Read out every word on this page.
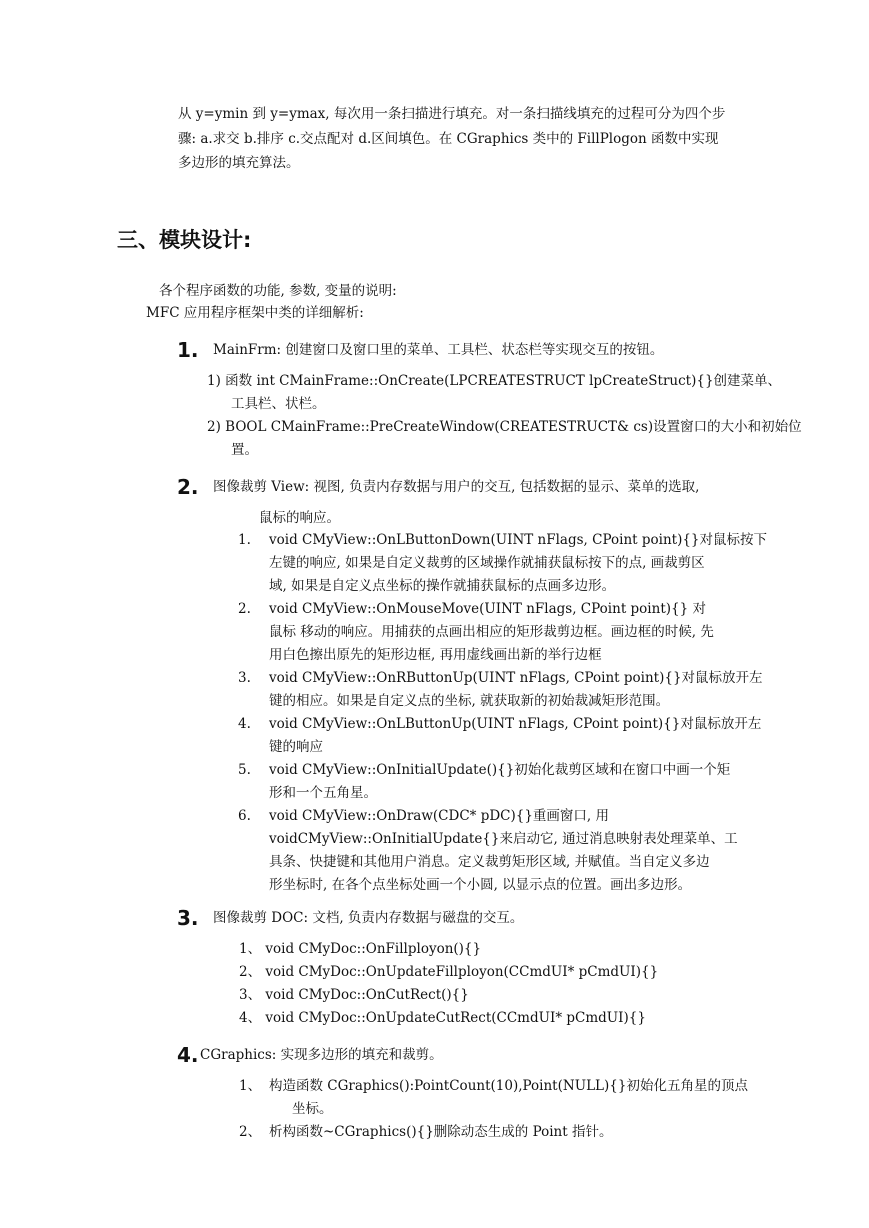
从 y=ymin 到 y=ymax, 每次用一条扫描进行填充。对一条扫描线填充的过程可分为四个步
骤: a.求交 b.排序 c.交点配对 d.区间填色。在 CGraphics 类中的 FillPlogon 函数中实现
多边形的填充算法。
三、模块设计:
各个程序函数的功能, 参数, 变量的说明:
MFC 应用程序框架中类的详细解析:
1. MainFrm: 创建窗口及窗口里的菜单、工具栏、状态栏等实现交互的按钮。
1) 函数 int CMainFrame::OnCreate(LPCREATESTRUCT lpCreateStruct){}创建菜单、
工具栏、状栏。
2) BOOL CMainFrame::PreCreateWindow(CREATESTRUCT& cs)设置窗口的大小和初始位
置。
2. 图像裁剪 View: 视图, 负责内存数据与用户的交互, 包括数据的显示、菜单的选取,
鼠标的响应。
1. void CMyView::OnLButtonDown(UINT nFlags, CPoint point){}对鼠标按下
左键的响应, 如果是自定义裁剪的区域操作就捕获鼠标按下的点, 画裁剪区
域, 如果是自定义点坐标的操作就捕获鼠标的点画多边形。
2. void CMyView::OnMouseMove(UINT nFlags, CPoint point){} 对
鼠标 移动的响应。用捕获的点画出相应的矩形裁剪边框。画边框的时候, 先
用白色擦出原先的矩形边框, 再用虚线画出新的举行边框
3. void CMyView::OnRButtonUp(UINT nFlags, CPoint point){}对鼠标放开左
键的相应。如果是自定义点的坐标, 就获取新的初始裁减矩形范围。
4. void CMyView::OnLButtonUp(UINT nFlags, CPoint point){}对鼠标放开左
键的响应
5. void CMyView::OnInitialUpdate(){}初始化裁剪区域和在窗口中画一个矩
形和一个五角星。
6. void CMyView::OnDraw(CDC* pDC){}重画窗口, 用
voidCMyView::OnInitialUpdate{}来启动它, 通过消息映射表处理菜单、工
具条、快捷键和其他用户消息。定义裁剪矩形区域, 并赋值。当自定义多边
形坐标时, 在各个点坐标处画一个小圆, 以显示点的位置。画出多边形。
3. 图像裁剪 DOC: 文档, 负责内存数据与磁盘的交互。
1、 void CMyDoc::OnFillployon(){}
2、 void CMyDoc::OnUpdateFillployon(CCmdUI* pCmdUI){}
3、 void CMyDoc::OnCutRect(){}
4、 void CMyDoc::OnUpdateCutRect(CCmdUI* pCmdUI){}
4. CGraphics: 实现多边形的填充和裁剪。
1、 构造函数 CGraphics():PointCount(10),Point(NULL){}初始化五角星的顶点
坐标。
2、 析构函数~CGraphics(){}删除动态生成的 Point 指针。
